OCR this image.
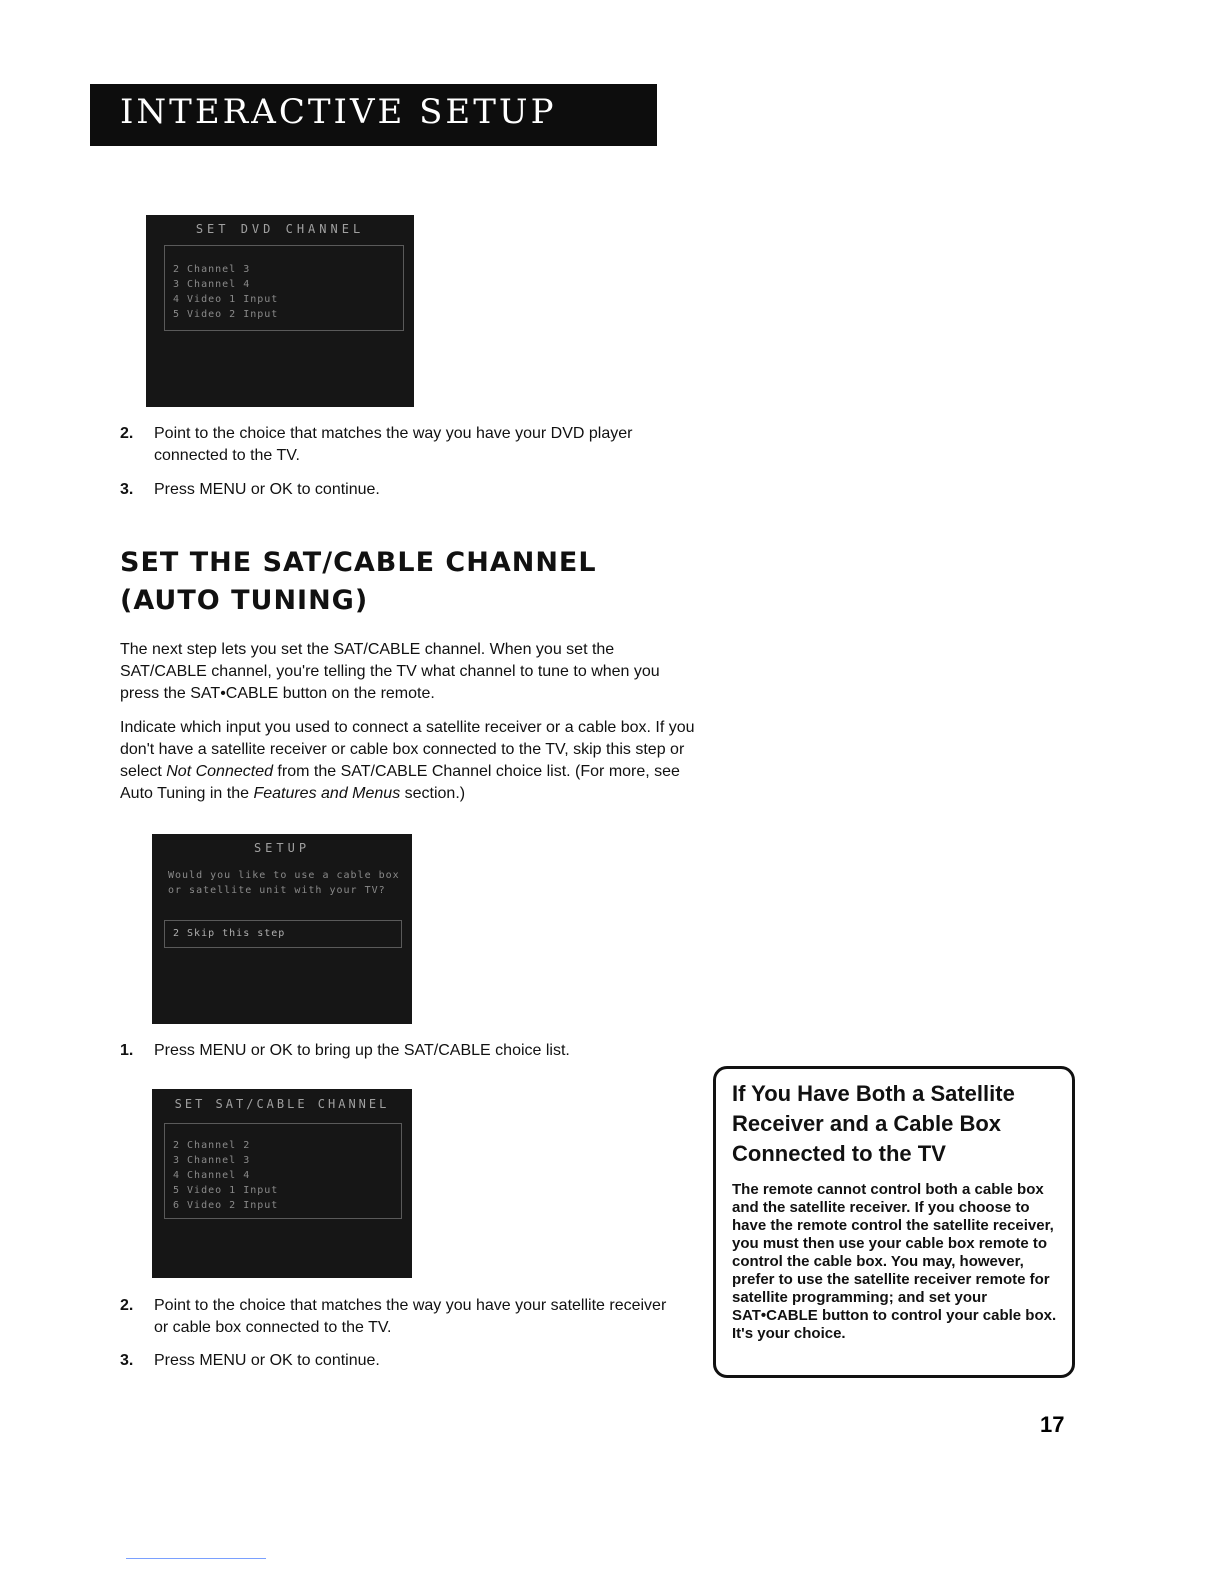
INTERACTIVE SETUP
SET DVD CHANNEL
2 Channel 3
3 Channel 4
4 Video 1 Input
5 Video 2 Input
2. Point to the choice that matches the way you have your DVD player connected to the TV.
3. Press MENU or OK to continue.
SET THE SAT/CABLE CHANNEL (AUTO TUNING)
The next step lets you set the SAT/CABLE channel. When you set the SAT/CABLE channel, you're telling the TV what channel to tune to when you press the SAT•CABLE button on the remote.
Indicate which input you used to connect a satellite receiver or a cable box. If you don't have a satellite receiver or cable box connected to the TV, skip this step or select Not Connected from the SAT/CABLE Channel choice list. (For more, see Auto Tuning in the Features and Menus section.)
SETUP
Would you like to use a cable box or satellite unit with your TV?
2 Skip this step
1. Press MENU or OK to bring up the SAT/CABLE choice list.
SET SAT/CABLE CHANNEL
2 Channel 2
3 Channel 3
4 Channel 4
5 Video 1 Input
6 Video 2 Input
2. Point to the choice that matches the way you have your satellite receiver or cable box connected to the TV.
3. Press MENU or OK to continue.
If You Have Both a Satellite Receiver and a Cable Box Connected to the TV
The remote cannot control both a cable box and the satellite receiver. If you choose to have the remote control the satellite receiver, you must then use your cable box remote to control the cable box. You may, however, prefer to use the satellite receiver remote for satellite programming; and set your SAT•CABLE button to control your cable box. It's your choice.
17
